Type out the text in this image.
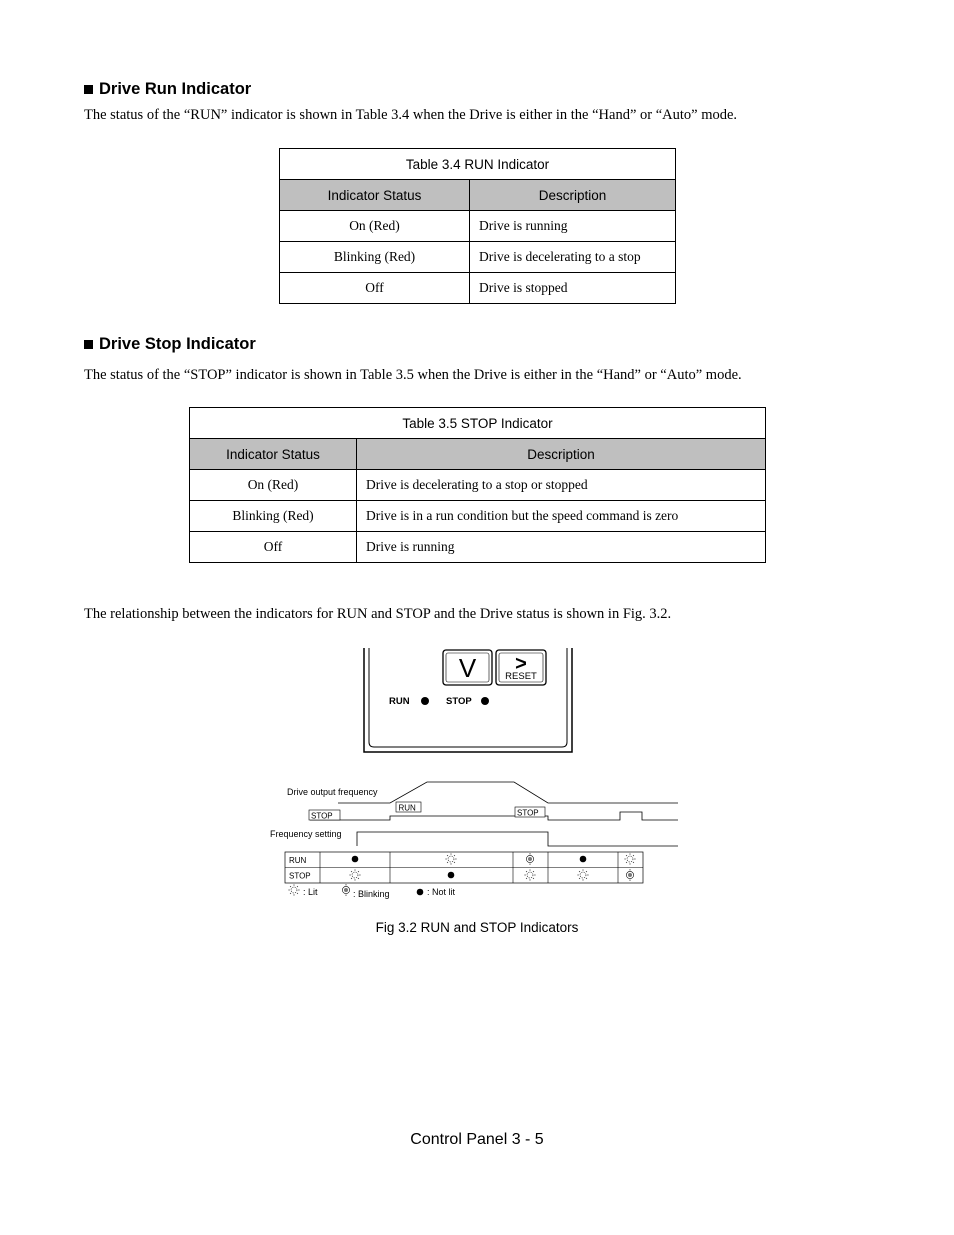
Drive Run Indicator
The status of the “RUN” indicator is shown in Table 3.4 when the Drive is either in the “Hand” or “Auto” mode.
Table 3.4 RUN Indicator	
Indicator Status	Description
On (Red)	Drive is running
Blinking (Red)	Drive is decelerating to a stop
Off	Drive is stopped
Drive Stop Indicator
The status of the “STOP” indicator is shown in Table 3.5 when the Drive is either in the “Hand” or “Auto” mode.
Table 3.5 STOP Indicator	
Indicator Status	Description
On (Red)	Drive is decelerating to a stop or stopped
Blinking (Red)	Drive is in a run condition but the speed command is zero
Off	Drive is running
The relationship between the indicators for RUN and STOP and the Drive status is shown in Fig. 3.2.
V >
RESET
RUN	STOP
Drive output frequency
Frequency setting
STOP
RUN
STOP
RUN
STOP
: Lit	: Blinking	: Not lit
Fig 3.2 RUN and STOP Indicators
Control Panel 3 - 5
